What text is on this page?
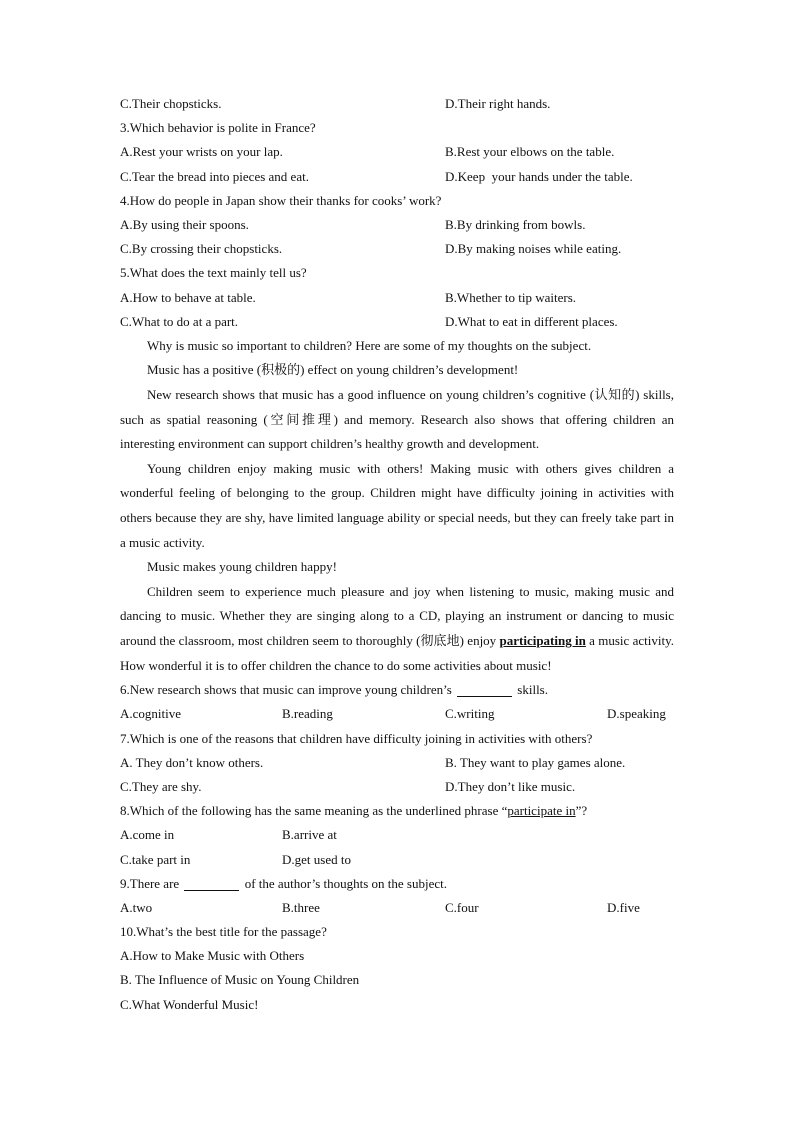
C.Their chopsticks.	D.Their right hands.
3.Which behavior is polite in France?
A.Rest your wrists on your lap.	B.Rest your elbows on the table.
C.Tear the bread into pieces and eat.	D.Keep  your hands under the table.
4.How do people in Japan show their thanks for cooks’ work?
A.By using their spoons.	B.By drinking from bowls.
C.By crossing their chopsticks.	D.By making noises while eating.
5.What does the text mainly tell us?
A.How to behave at table.	B.Whether to tip waiters.
C.What to do at a part.	D.What to eat in different places.

Why is music so important to children? Here are some of my thoughts on the subject.

Music has a positive (积极的) effect on young children’s development!

New research shows that music has a good influence on young children’s cognitive (认知的) skills, such as spatial reasoning (空间推理) and memory. Research also shows that offering children an interesting environment can support children’s healthy growth and development.

Young children enjoy making music with others! Making music with others gives children a wonderful feeling of belonging to the group. Children might have difficulty joining in activities with others because they are shy, have limited language ability or special needs, but they can freely take part in a music activity.

Music makes young children happy!

Children seem to experience much pleasure and joy when listening to music, making music and dancing to music. Whether they are singing along to a CD, playing an instrument or dancing to music around the classroom, most children seem to thoroughly (彻底地) enjoy participating in a music activity. How wonderful it is to offer children the chance to do some activities about music!

6.New research shows that music can improve young children’s	skills.
A.cognitive	B.reading	C.writing	D.speaking
7.Which is one of the reasons that children have difficulty joining in activities with others?
A. They don’t know others.	B. They want to play games alone.
C.They are shy.	D.They don’t like music.
8.Which of the following has the same meaning as the underlined phrase “participate in”?
A.come in	B.arrive at
C.take part in	D.get used to
9.There are	of the author’s thoughts on the subject.
A.two	B.three	C.four	D.five
10.What’s the best title for the passage?
A.How to Make Music with Others
B. The Influence of Music on Young Children
C.What Wonderful Music!
